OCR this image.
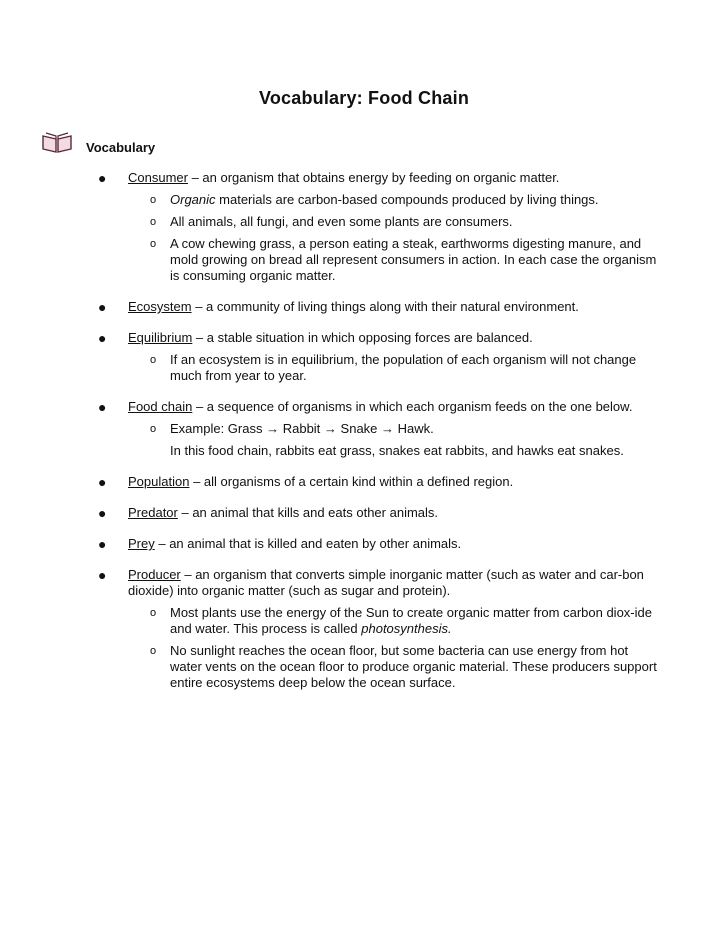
Vocabulary: Food Chain
Vocabulary
● Consumer – an organism that obtains energy by feeding on organic matter.
o Organic materials are carbon-based compounds produced by living things.
o All animals, all fungi, and even some plants are consumers.
o A cow chewing grass, a person eating a steak, earthworms digesting manure, and mold growing on bread all represent consumers in action. In each case the organism is consuming organic matter.
● Ecosystem – a community of living things along with their natural environment.
● Equilibrium – a stable situation in which opposing forces are balanced.
o If an ecosystem is in equilibrium, the population of each organism will not change much from year to year.
● Food chain – a sequence of organisms in which each organism feeds on the one below.
o Example: Grass → Rabbit → Snake → Hawk.
In this food chain, rabbits eat grass, snakes eat rabbits, and hawks eat snakes.
● Population – all organisms of a certain kind within a defined region.
● Predator – an animal that kills and eats other animals.
● Prey – an animal that is killed and eaten by other animals.
● Producer – an organism that converts simple inorganic matter (such as water and car-bon dioxide) into organic matter (such as sugar and protein).
o Most plants use the energy of the Sun to create organic matter from carbon diox-ide and water. This process is called photosynthesis.
o No sunlight reaches the ocean floor, but some bacteria can use energy from hot water vents on the ocean floor to produce organic material. These producers support entire ecosystems deep below the ocean surface.
